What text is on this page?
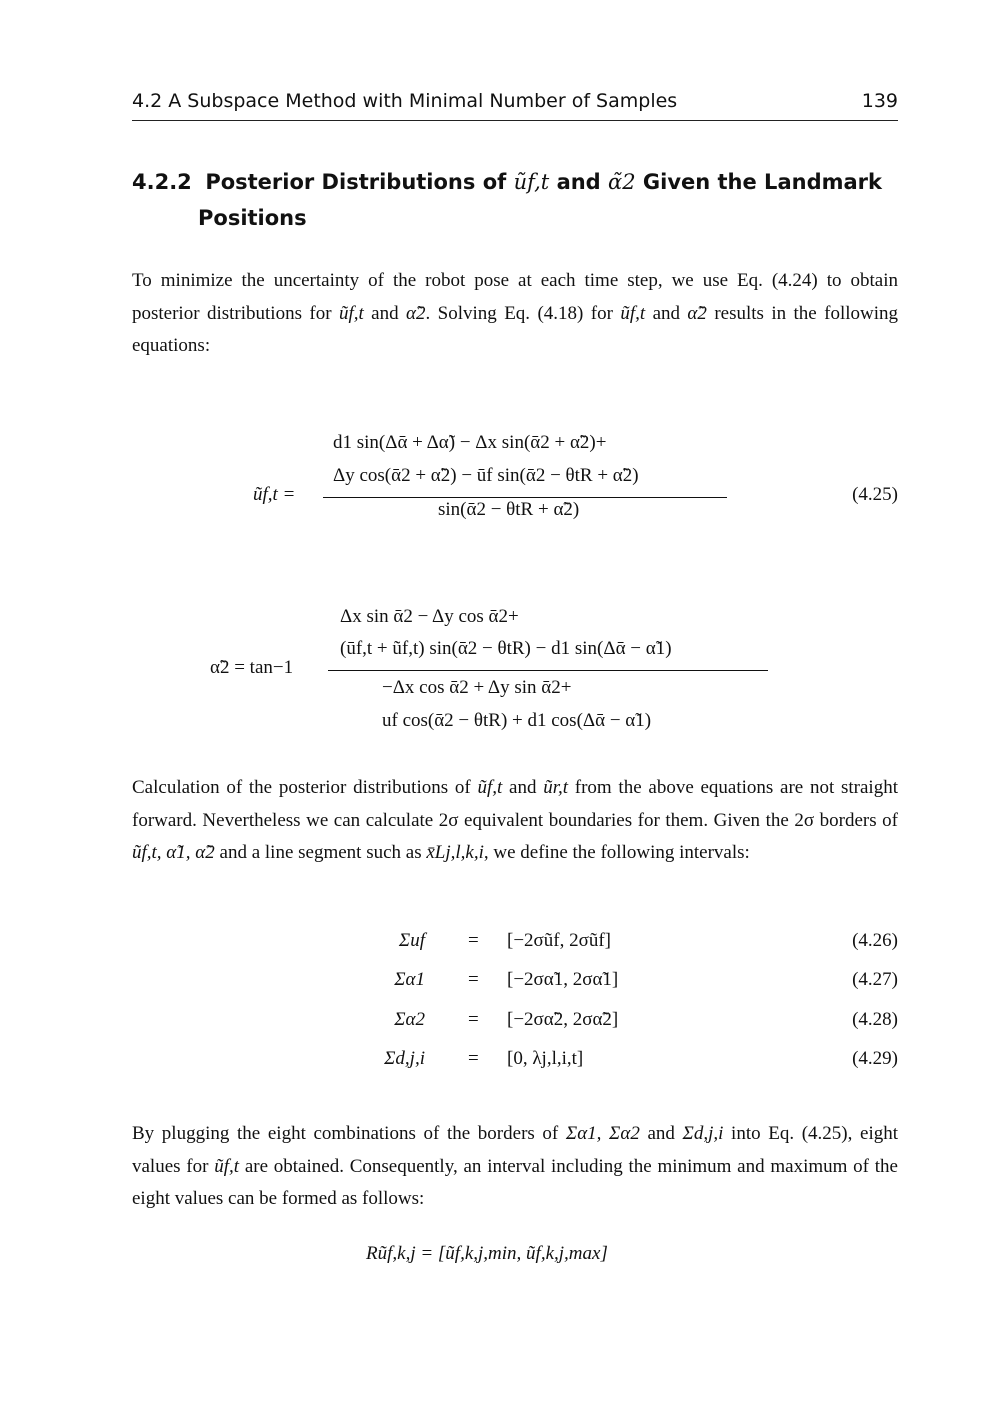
4.2 A Subspace Method with Minimal Number of Samples	139
4.2.2 Posterior Distributions of ũf,t and α̃2 Given the Landmark
Positions
To minimize the uncertainty of the robot pose at each time step, we use Eq. (4.24) to obtain posterior distributions for ũf,t and α̃2. Solving Eq. (4.18) for ũf,t and α̃2 results in the following equations:
ũf,t =
d1 sin(Δᾱ + Δα̃) − Δx sin(ᾱ2 + α̃2)+
Δy cos(ᾱ2 + α̃2) − ūf sin(ᾱ2 − θtR + α̃2)
sin(ᾱ2 − θtR + α̃2)
(4.25)
α̃2 = tan−1
Δx sin ᾱ2 − Δy cos ᾱ2+
(ūf,t + ũf,t) sin(ᾱ2 − θtR) − d1 sin(Δᾱ − α̃1)
−Δx cos ᾱ2 + Δy sin ᾱ2+
uf cos(ᾱ2 − θtR) + d1 cos(Δᾱ − α̃1)
Calculation of the posterior distributions of ũf,t and ũr,t from the above equations are not straight forward. Nevertheless we can calculate 2σ equivalent boundaries for them. Given the 2σ borders of ũf,t, α̃1, α̃2 and a line segment such as x̄Lj,l,k,i, we define the following intervals:
Σuf = [−2σũf, 2σũf]	(4.26)
Σα1 = [−2σα̃1, 2σα̃1]	(4.27)
Σα2 = [−2σα̃2, 2σα̃2]	(4.28)
Σd,j,i = [0, λj,l,i,t]	(4.29)
By plugging the eight combinations of the borders of Σα1, Σα2 and Σd,j,i into Eq. (4.25), eight values for ũf,t are obtained. Consequently, an interval including the minimum and maximum of the eight values can be formed as follows:
Rũf,k,j = [ũf,k,j,min, ũf,k,j,max]
